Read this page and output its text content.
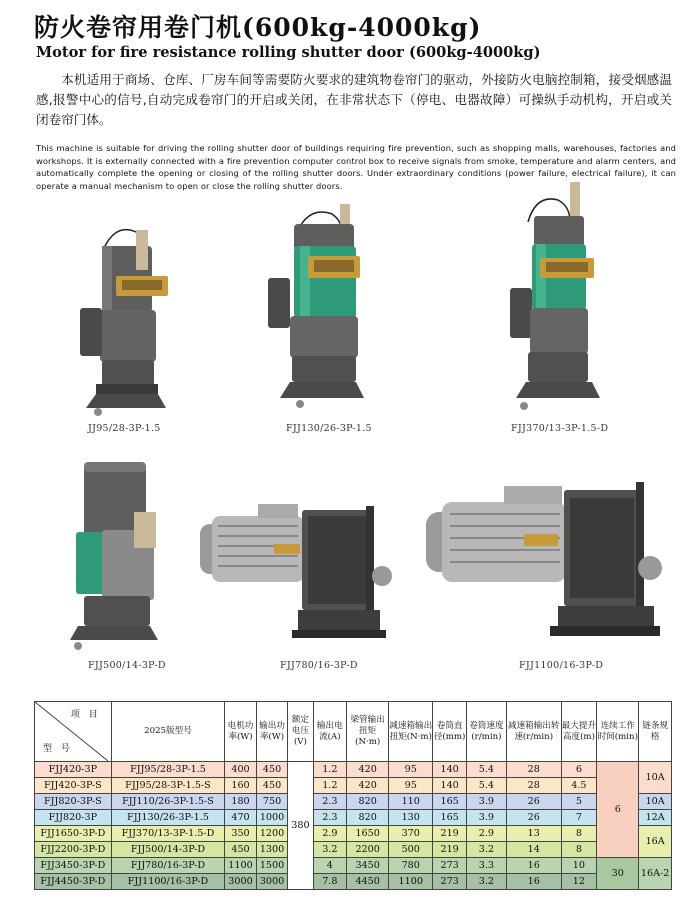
防火卷帘用卷门机(600kg-4000kg)
Motor for fire resistance rolling shutter door (600kg-4000kg)

本机适用于商场、仓库、厂房车间等需要防火要求的建筑物卷帘门的驱动，外接防火电脑控制箱，接受烟感温感,报警中心的信号,自动完成卷帘门的开启或关闭，在非常状态下（停电、电器故障）可操纵手动机构，开启或关闭卷帘门体。

This machine is suitable for driving the rolling shutter door of buildings requiring fire prevention, such as shopping malls, warehouses, factories and workshops. It is externally connected with a fire prevention computer control box to receive signals from smoke, temperature and alarm centers, and automatically complete the opening or closing of the rolling shutter doors. Under extraordinary conditions (power failure, electrical failure), it can operate a manual mechanism to open or close the rolling shutter doors.

JJ95/28-3P-1.5	FJJ130/26-3P-1.5	FJJ370/13-3P-1.5-D
FJJ500/14-3P-D	FJJ780/16-3P-D	FJJ1100/16-3P-D
项 目
型 号	2025版型号	电机功率(W)	输出功率(W)	额定电压(V)	输出电流(A)	梁管输出扭矩(N·m)	减速箱输出扭矩(N·m)	卷筒直径(mm)	卷筒速度(r/min)	减速箱输出转速(r/min)	最大提升高度(m)	连续工作时间(min)	链条规格
FJJ420-3P	FJJ95/28-3P-1.5	400	450	380	1.2	420	95	140	5.4	28	6	6	10A
FJJ420-3P-S	FJJ95/28-3P-1.5-S	160	450		1.2	420	95	140	5.4	28	4.5		
FJJ820-3P-S	FJJ110/26-3P-1.5-S	180	750		2.3	820	110	165	3.9	26	5		10A
FJJ820-3P	FJJ130/26-3P-1.5	470	1000		2.3	820	130	165	3.9	26	7		12A
FJJ1650-3P-D	FJJ370/13-3P-1.5-D	350	1200		2.9	1650	370	219	2.9	13	8		16A
FJJ2200-3P-D	FJJ500/14-3P-D	450	1300		3.2	2200	500	219	3.2	14	8		
FJJ3450-3P-D	FJJ780/16-3P-D	1100	1500		4	3450	780	273	3.3	16	10	30	16A-2
FJJ4450-3P-D	FJJ1100/16-3P-D	3000	3000		7.8	4450	1100	273	3.2	16	12		
